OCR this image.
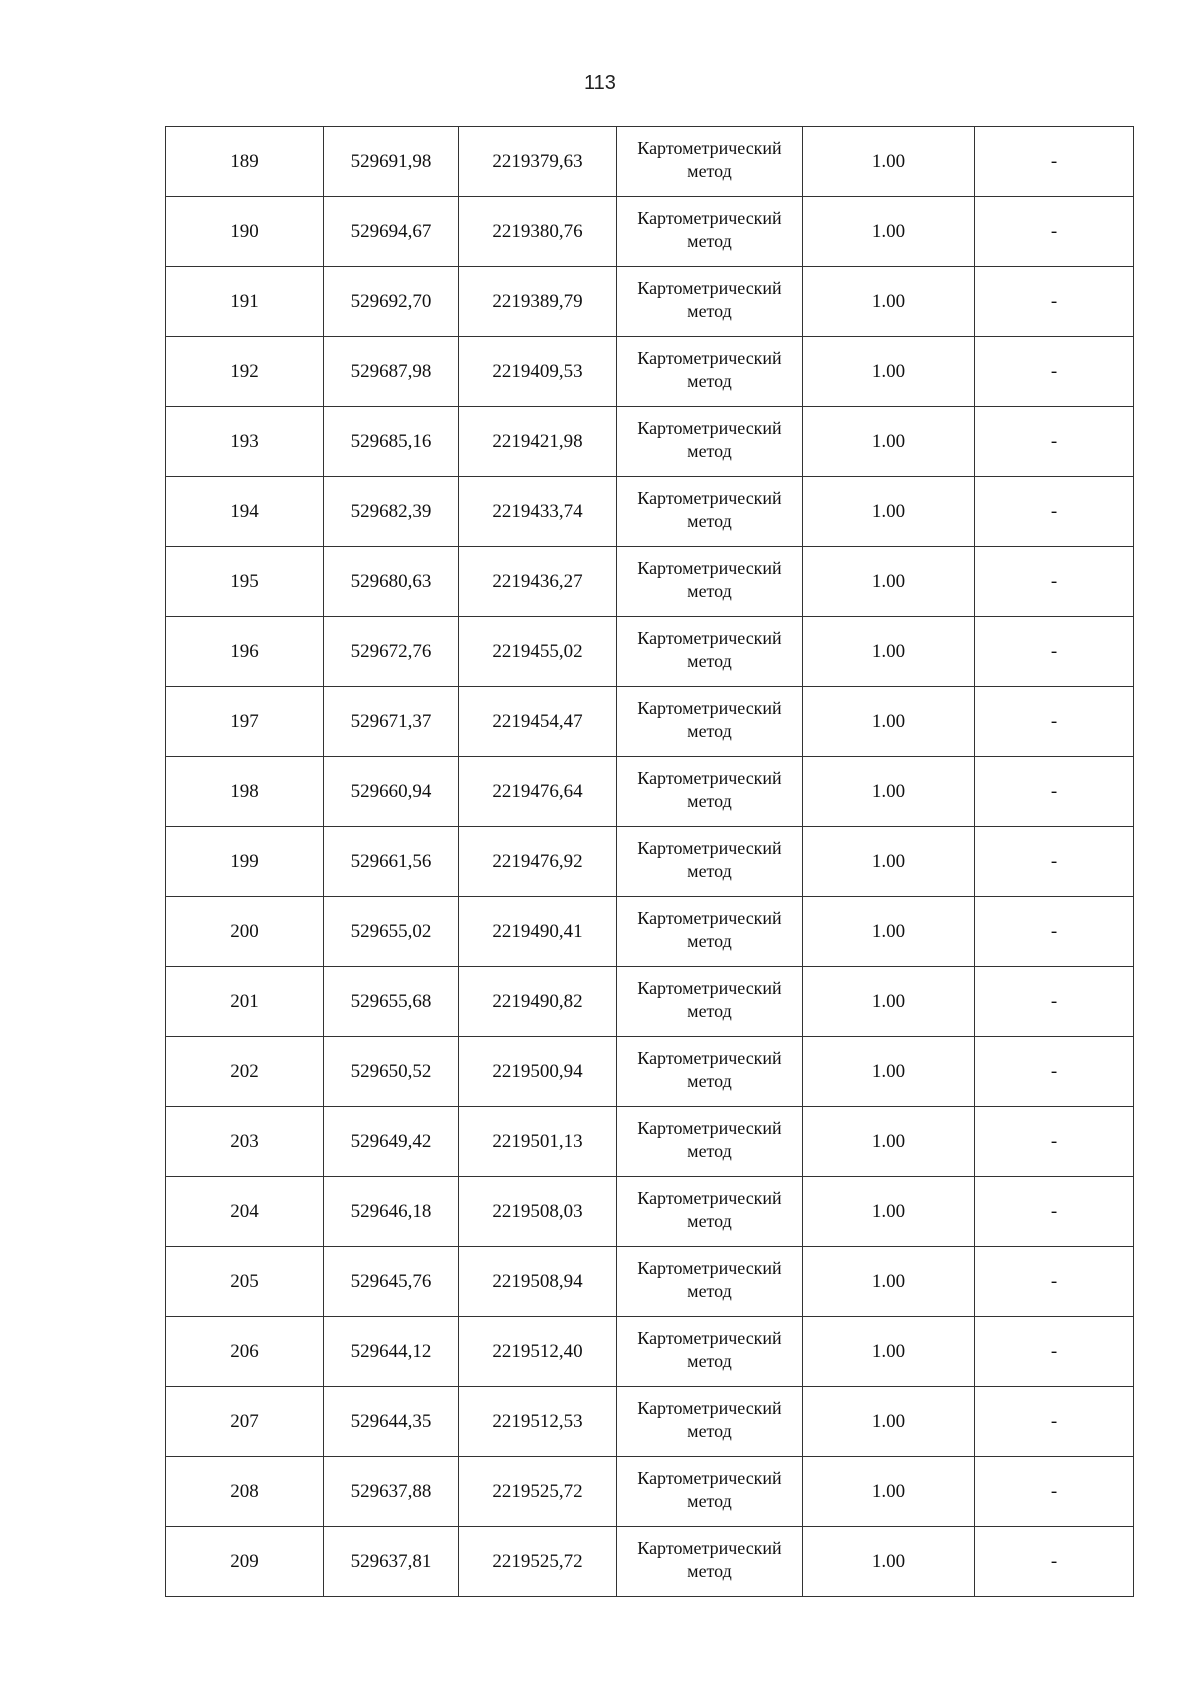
113
189	529691,98	2219379,63	Картометрический метод	1.00	-
190	529694,67	2219380,76	Картометрический метод	1.00	-
191	529692,70	2219389,79	Картометрический метод	1.00	-
192	529687,98	2219409,53	Картометрический метод	1.00	-
193	529685,16	2219421,98	Картометрический метод	1.00	-
194	529682,39	2219433,74	Картометрический метод	1.00	-
195	529680,63	2219436,27	Картометрический метод	1.00	-
196	529672,76	2219455,02	Картометрический метод	1.00	-
197	529671,37	2219454,47	Картометрический метод	1.00	-
198	529660,94	2219476,64	Картометрический метод	1.00	-
199	529661,56	2219476,92	Картометрический метод	1.00	-
200	529655,02	2219490,41	Картометрический метод	1.00	-
201	529655,68	2219490,82	Картометрический метод	1.00	-
202	529650,52	2219500,94	Картометрический метод	1.00	-
203	529649,42	2219501,13	Картометрический метод	1.00	-
204	529646,18	2219508,03	Картометрический метод	1.00	-
205	529645,76	2219508,94	Картометрический метод	1.00	-
206	529644,12	2219512,40	Картометрический метод	1.00	-
207	529644,35	2219512,53	Картометрический метод	1.00	-
208	529637,88	2219525,72	Картометрический метод	1.00	-
209	529637,81	2219525,72	Картометрический метод	1.00	-
